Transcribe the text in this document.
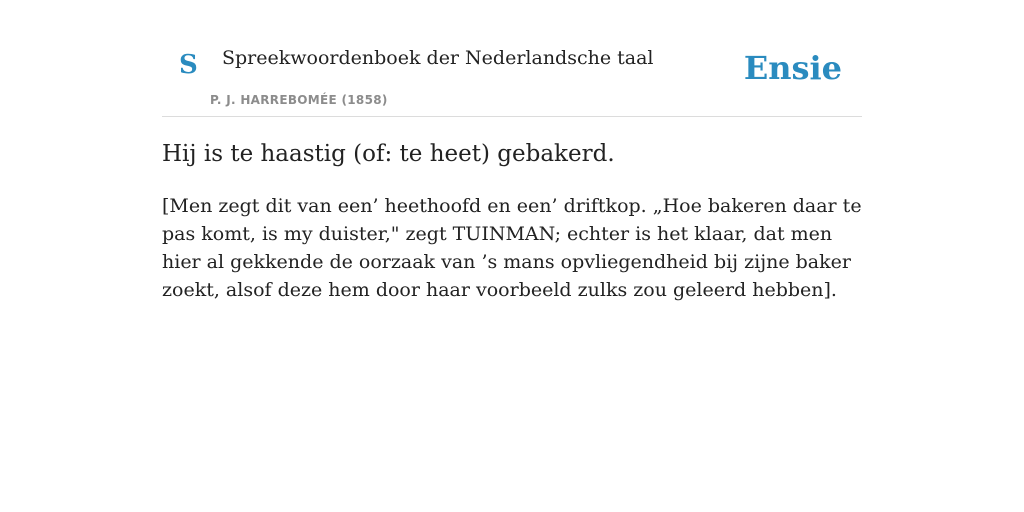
S Spreekwoordenboek der Nederlandsche taal
P. J. HARREBOMÉE (1858)
Ensie
Hij is te haastig (of: te heet) gebakerd.

[Men zegt dit van een’ heethoofd en een’ driftkop. „Hoe bakeren daar te pas komt, is my duister," zegt TUINMAN; echter is het klaar, dat men hier al gekkende de oorzaak van ’s mans opvliegendheid bij zijne baker zoekt, alsof deze hem door haar voorbeeld zulks zou geleerd hebben].
